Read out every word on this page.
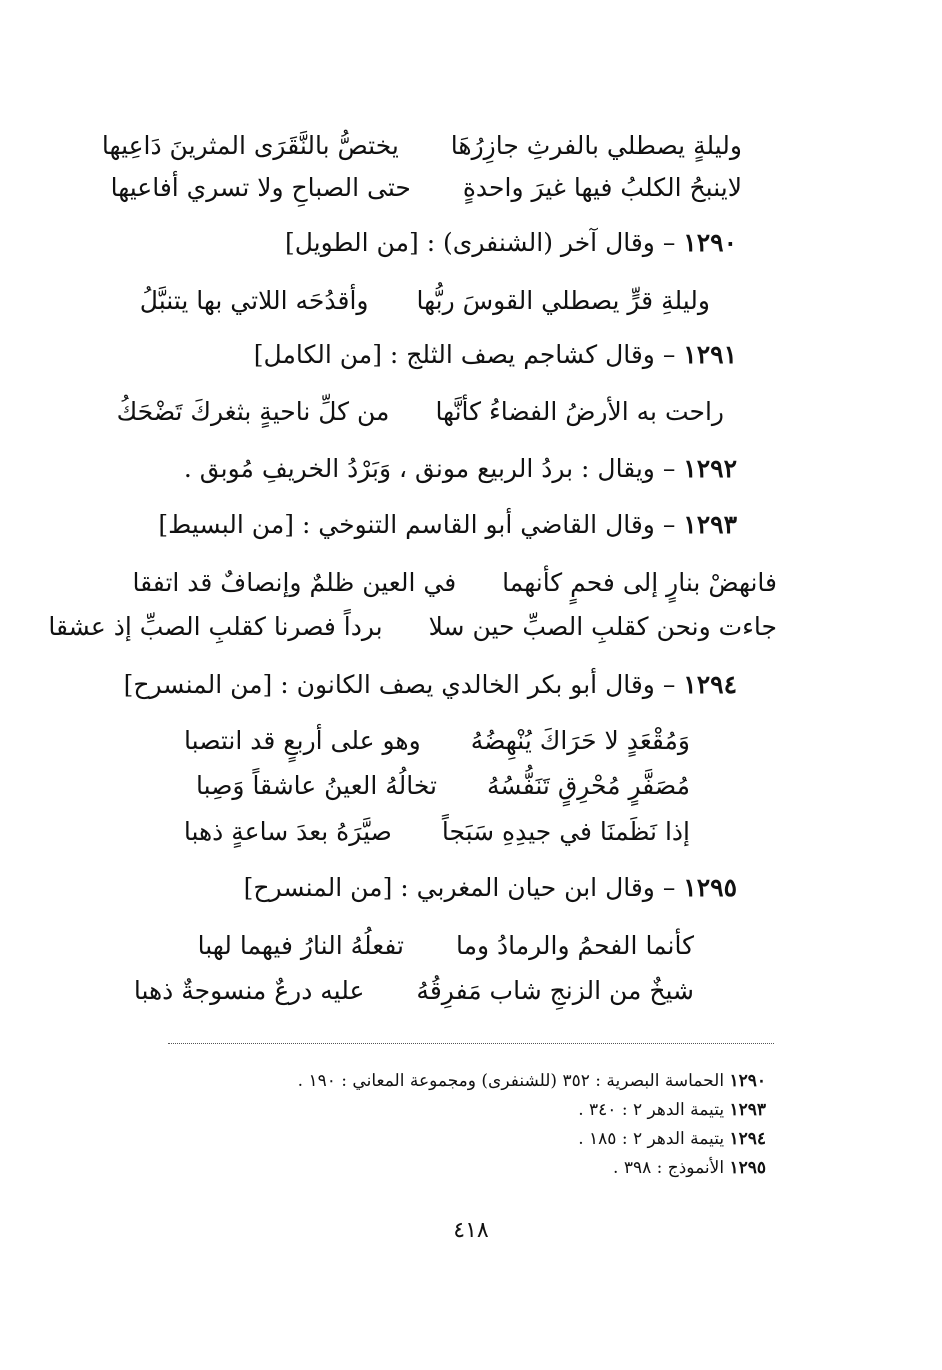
وليلةٍ يصطلي بالفرثِ جازِرُهَا
يختصُّ بالنَّقَرَى المثرينَ دَاعِيها
لاينبحُ الكلبُ فيها غيرَ واحدةٍ
حتى الصباحِ ولا تسري أفاعيها
١٢٩٠ – وقال آخر (الشنفرى) : [من الطويل]
وليلةِ قرٍّ يصطلي القوسَ ربُّها
وأقدُحَه اللاتي بها يتنبَّلُ
١٢٩١ – وقال كشاجم يصف الثلج : [من الكامل]
راحت به الأرضُ الفضاءُ كأنَّها
من كلِّ ناحيةٍ بثغركَ تَضْحَكُ
١٢٩٢ – ويقال : بردُ الربيع مونق ، وَبَرْدُ الخريفِ مُوبق .
١٢٩٣ – وقال القاضي أبو القاسم التنوخي : [من البسيط]
فانهضْ بنارٍ إلى فحمٍ كأنهما
في العين ظلمٌ وإنصافٌ قد اتفقا
جاءت ونحن كقلبِ الصبِّ حين سلا
برداً فصرنا كقلبِ الصبِّ إذ عشقا
١٢٩٤ – وقال أبو بكر الخالدي يصف الكانون : [من المنسرح]
وَمُقْعَدٍ لا حَرَاكَ يُنْهِضُهُ
وهو على أربعٍ قد انتصبا
مُصَفَّرٍ مُحْرِقٍ تَنَفُّسُهُ
تخالُهُ العينُ عاشقاً وَصِبا
إذا نَظَمنَا في جيدِهِ سَبَجاً
صيَّرَهُ بعدَ ساعةٍ ذهبا
١٢٩٥ – وقال ابن حيان المغربي : [من المنسرح]
كأنما الفحمُ والرمادُ وما
تفعلُهُ النارُ فيهما لهبا
شيخٌ من الزنجِ شاب مَفرِقُهُ
عليه درعٌ منسوجةٌ ذهبا
١٢٩٠ الحماسة البصرية : ٣٥٢ (للشنفرى) ومجموعة المعاني : ١٩٠ .
١٢٩٣ يتيمة الدهر ٢ : ٣٤٠ .
١٢٩٤ يتيمة الدهر ٢ : ١٨٥ .
١٢٩٥ الأنموذج : ٣٩٨ .
٤١٨
